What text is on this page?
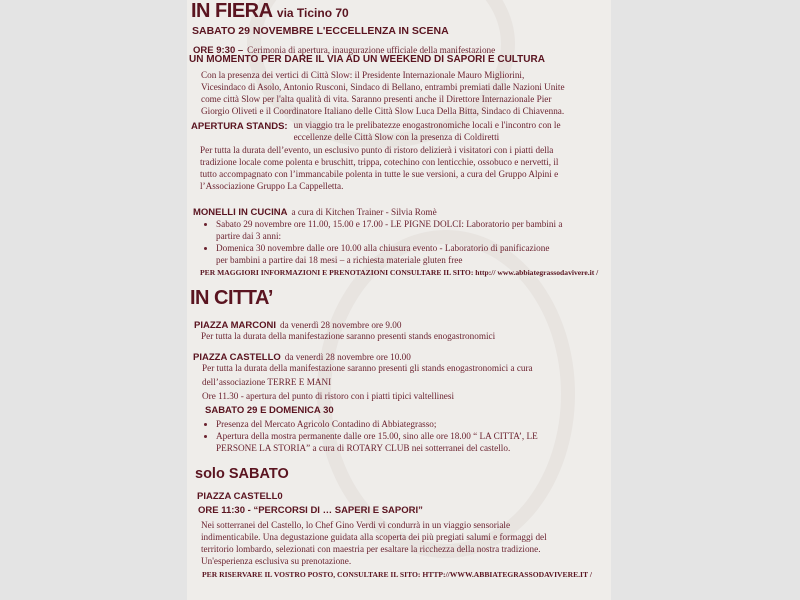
IN FIERA via Ticino 70
SABATO 29 NOVEMBRE L'ECCELLENZA IN SCENA
ORE 9:30 – Cerimonia di apertura, inaugurazione ufficiale della manifestazione
UN MOMENTO PER DARE IL VIA AD UN WEEKEND DI SAPORI E CULTURA
Con la presenza dei vertici di Città Slow: il Presidente Internazionale Mauro Migliorini,
Vicesindaco di Asolo, Antonio Rusconi, Sindaco di Bellano, entrambi premiati dalle Nazioni Unite
come città Slow per l'alta qualità di vita. Saranno presenti anche il Direttore Internazionale Pier
Giorgio Oliveti e il Coordinatore Italiano delle Città Slow Luca Della Bitta, Sindaco di Chiavenna.
APERTURA STANDS: un viaggio tra le prelibatezze enogastronomiche locali e l'incontro con le
eccellenze delle Città Slow con la presenza di Coldiretti
Per tutta la durata dell’evento, un esclusivo punto di ristoro delizierà i visitatori con i piatti della
tradizione locale come polenta e bruschitt, trippa, cotechino con lenticchie, ossobuco e nervetti, il
tutto accompagnato con l’immancabile polenta in tutte le sue versioni, a cura del Gruppo Alpini e
l’Associazione Gruppo La Cappelletta.
MONELLI IN CUCINA a cura di Kitchen Trainer - Silvia Romè
• Sabato 29 novembre ore 11.00, 15.00 e 17.00 - LE PIGNE DOLCI: Laboratorio per bambini a
partire dai 3 anni:
• Domenica 30 novembre dalle ore 10.00 alla chiusura evento - Laboratorio di panificazione
per bambini a partire dai 18 mesi – a richiesta materiale gluten free
PER MAGGIORI INFORMAZIONI E PRENOTAZIONI CONSULTARE IL SITO: http:// www.abbiategrassodavivere.it /
IN CITTA’
PIAZZA MARCONI da venerdì 28 novembre ore 9.00
Per tutta la durata della manifestazione saranno presenti stands enogastronomici
PIAZZA CASTELLO da venerdì 28 novembre ore 10.00
Per tutta la durata della manifestazione saranno presenti gli stands enogastronomici a cura
dell’associazione TERRE E MANI
Ore 11.30 - apertura del punto di ristoro con i piatti tipici valtellinesi
SABATO 29 E DOMENICA 30
• Presenza del Mercato Agricolo Contadino di Abbiategrasso;
• Apertura della mostra permanente dalle ore 15.00, sino alle ore 18.00 “ LA CITTA’, LE
PERSONE LA STORIA” a cura di ROTARY CLUB nei sotterranei del castello.
solo SABATO
PIAZZA CASTELL0
ORE 11:30 - “PERCORSI DI … SAPERI E SAPORI”
Nei sotterranei del Castello, lo Chef Gino Verdi vi condurrà in un viaggio sensoriale
indimenticabile. Una degustazione guidata alla scoperta dei più pregiati salumi e formaggi del
territorio lombardo, selezionati con maestria per esaltare la ricchezza della nostra tradizione.
Un'esperienza esclusiva su prenotazione.
PER RISERVARE IL VOSTRO POSTO, CONSULTARE IL SITO: HTTP://WWW.ABBIATEGRASSODAVIVERE.IT /
